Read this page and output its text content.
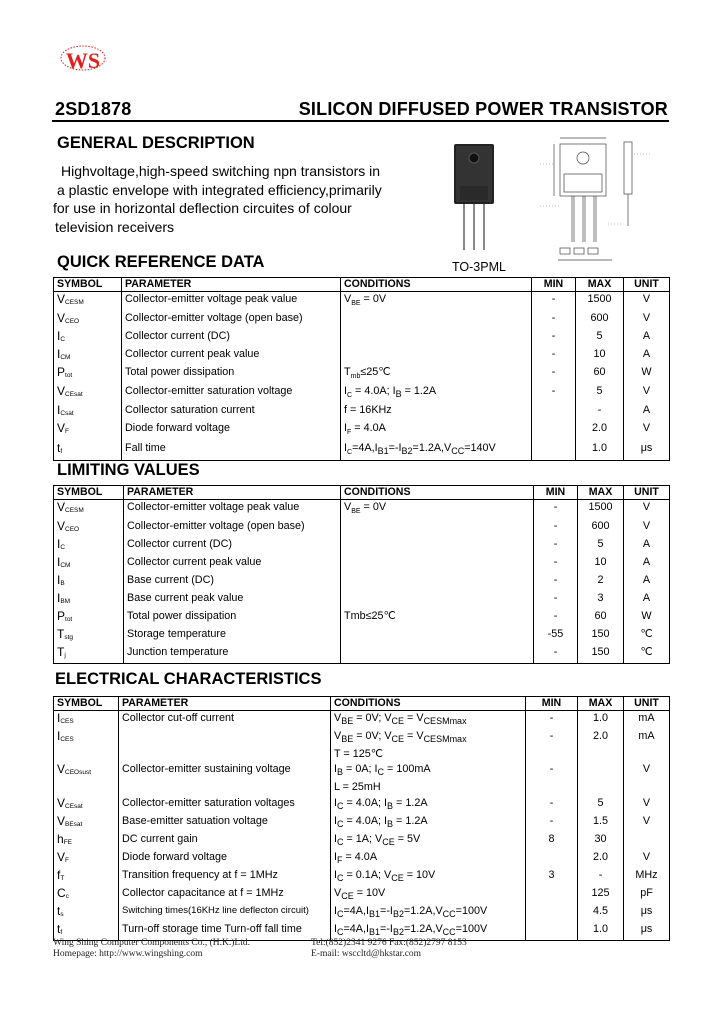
WS
2SD1878	SILICON DIFFUSED POWER TRANSISTOR
GENERAL DESCRIPTION
Highvoltage,high-speed switching npn transistors in
a plastic envelope with integrated efficiency,primarily
for use in horizontal deflection circuites of colour
television receivers
TO-3PML
QUICK REFERENCE DATA
SYMBOL	PARAMETER	CONDITIONS	MIN	MAX	UNIT
$V_{CESM}$	Collector-emitter voltage peak value	$V_{BE} = 0V$	-	1500	V
$V_{CEO}$	Collector-emitter voltage (open base)		-	600	V
$I_C$	Collector current (DC)		-	5	A
$I_{CM}$	Collector current peak value		-	10	A
$P_{tot}$	Total power dissipation	$T_{mb}\le 25℃$	-	60	W
$V_{CEsat}$	Collector-emitter saturation voltage	$I_C = 4.0A$; $I_B = 1.2A$	-	5	V
$I_{Csat}$	Collector saturation current	f = 16KHz		-	A
$V_F$	Diode forward voltage	$I_F = 4.0A$		2.0	V
$t_f$	Fall time	$I_C=4A,I_{B1}=-I_{B2}=1.2A,V_{CC}=140V$		1.0	μs
LIMITING VALUES
SYMBOL	PARAMETER	CONDITIONS	MIN	MAX	UNIT
$V_{CESM}$	Collector-emitter voltage peak value	$V_{BE} = 0V$	-	1500	V
$V_{CEO}$	Collector-emitter voltage (open base)		-	600	V
$I_C$	Collector current (DC)		-	5	A
$I_{CM}$	Collector current peak value		-	10	A
$I_B$	Base current (DC)		-	2	A
$I_{BM}$	Base current peak value		-	3	A
$P_{tot}$	Total power dissipation	Tmb≤25℃	-	60	W
$T_{stg}$	Storage temperature		-55	150	℃
$T_j$	Junction temperature		-	150	℃
ELECTRICAL CHARACTERISTICS
SYMBOL	PARAMETER	CONDITIONS	MIN	MAX	UNIT
$I_{CES}$	Collector cut-off current	$V_{BE} = 0V$; $V_{CE} = V_{CESMmax}$	-	1.0	mA
$I_{CES}$		$V_{BE} = 0V$; $V_{CE} = V_{CESMmax}$	-	2.0	mA
		T = 125℃			
$V_{CEOsust}$	Collector-emitter sustaining voltage	$I_B = 0A$; $I_C = 100mA$	-		V
		L = 25mH			
$V_{CEsat}$	Collector-emitter saturation voltages	$I_C = 4.0A$; $I_B = 1.2A$	-	5	V
$V_{BEsat}$	Base-emitter satuation voltage	$I_C = 4.0A$; $I_B = 1.2A$	-	1.5	V
$h_{FE}$	DC current gain	$I_C = 1A$; $V_{CE} = 5V$	8	30	
$V_F$	Diode forward voltage	$I_F = 4.0A$		2.0	V
$f_T$	Transition frequency at f = 1MHz	$I_C = 0.1A$; $V_{CE} = 10V$	3	-	MHz
$C_c$	Collector capacitance at f = 1MHz	$V_{CE} = 10V$		125	pF
$t_s$	Switching times(16KHz line deflecton circuit)	$I_C=4A,I_{B1}=-I_{B2}=1.2A,V_{CC}=100V$		4.5	μs
$t_f$	Turn-off storage time Turn-off fall time	$I_C=4A,I_{B1}=-I_{B2}=1.2A,V_{CC}=100V$		1.0	μs
Wing Shing Computer Components Co., (H.K.)Ltd.
Homepage: http://www.wingshing.com
Tel:(852)2341 9276 Fax:(852)2797 8153
E-mail: wsccltd@hkstar.com
